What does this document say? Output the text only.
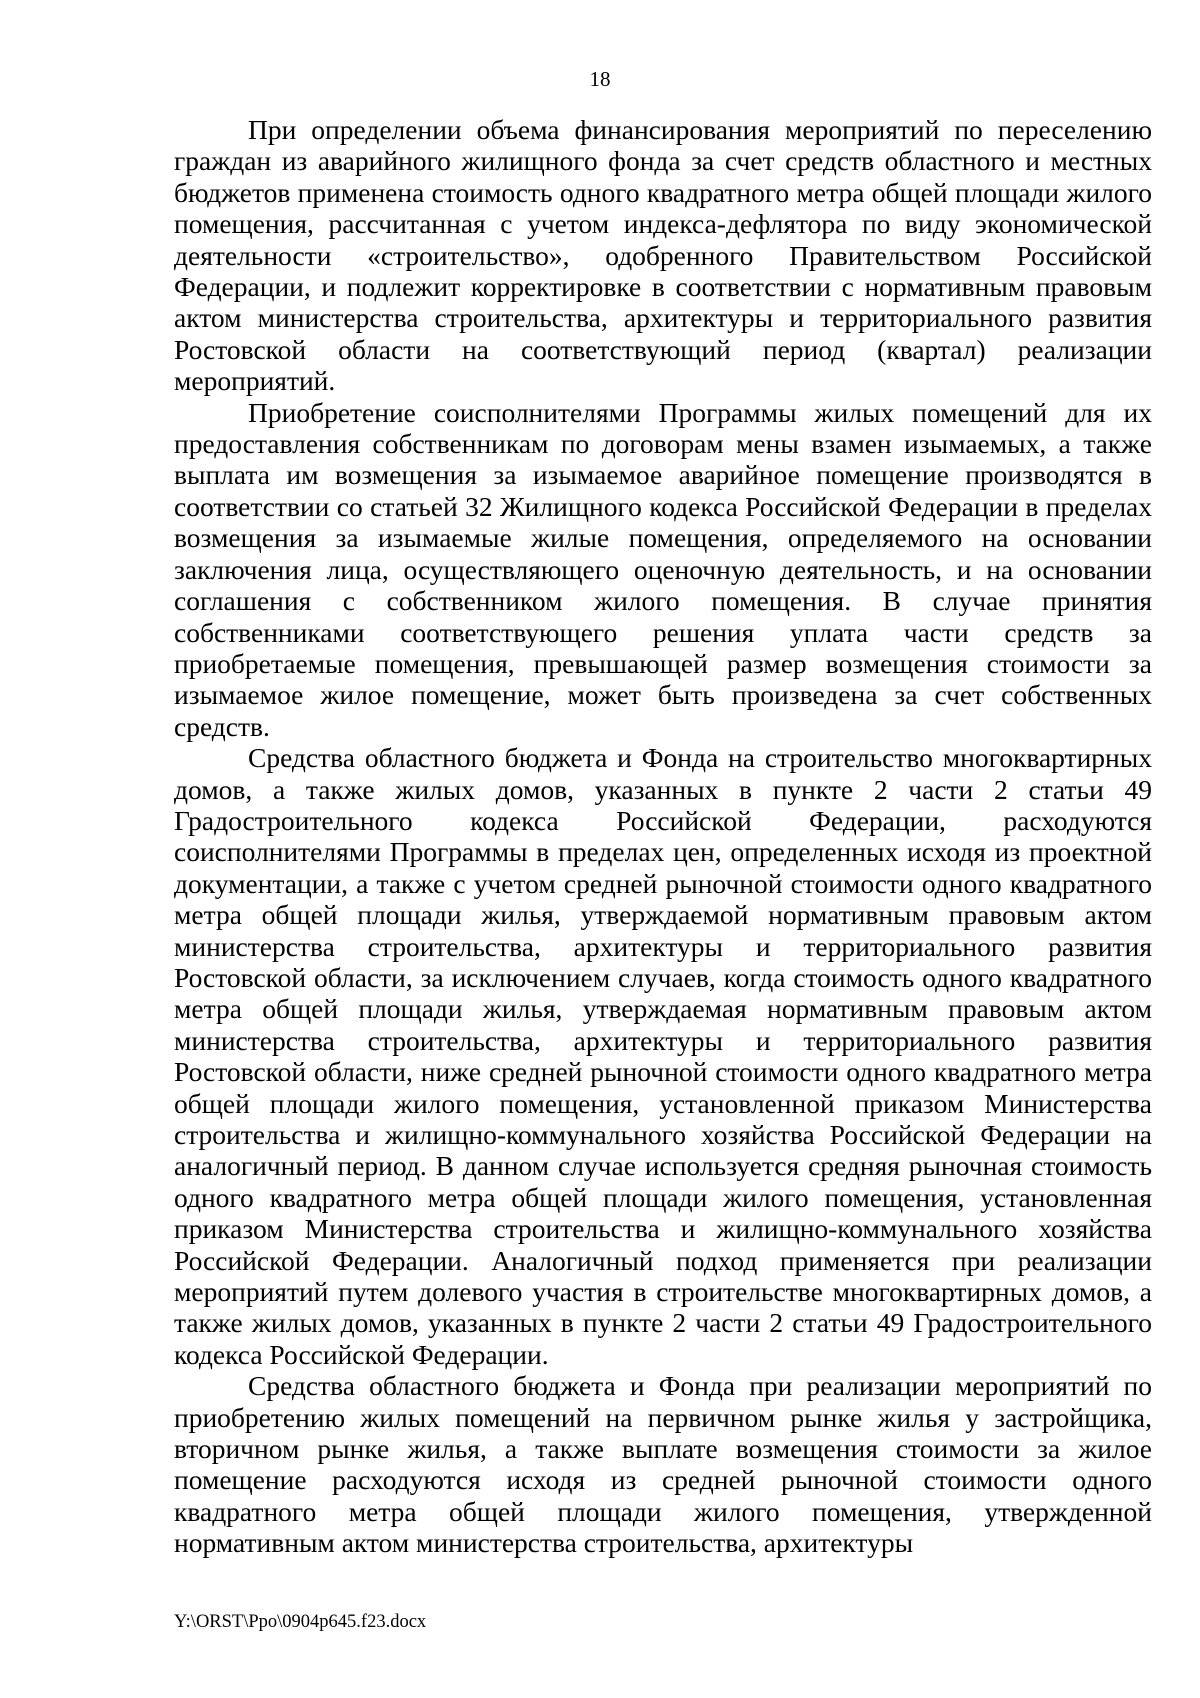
18

При определении объема финансирования мероприятий по переселению граждан из аварийного жилищного фонда за счет средств областного и местных бюджетов применена стоимость одного квадратного метра общей площади жилого помещения, рассчитанная с учетом индекса-дефлятора по виду экономической деятельности «строительство», одобренного Правительством Российской Федерации, и подлежит корректировке в соответствии с нормативным правовым актом министерства строительства, архитектуры и территориального развития Ростовской области на соответствующий период (квартал) реализации мероприятий.

Приобретение соисполнителями Программы жилых помещений для их предоставления собственникам по договорам мены взамен изымаемых, а также выплата им возмещения за изымаемое аварийное помещение производятся в соответствии со статьей 32 Жилищного кодекса Российской Федерации в пределах возмещения за изымаемые жилые помещения, определяемого на основании заключения лица, осуществляющего оценочную деятельность, и на основании соглашения с собственником жилого помещения. В случае принятия собственниками соответствующего решения уплата части средств за приобретаемые помещения, превышающей размер возмещения стоимости за изымаемое жилое помещение, может быть произведена за счет собственных средств.

Средства областного бюджета и Фонда на строительство многоквартирных домов, а также жилых домов, указанных в пункте 2 части 2 статьи 49 Градостроительного кодекса Российской Федерации, расходуются соисполнителями Программы в пределах цен, определенных исходя из проектной документации, а также с учетом средней рыночной стоимости одного квадратного метра общей площади жилья, утверждаемой нормативным правовым актом министерства строительства, архитектуры и территориального развития Ростовской области, за исключением случаев, когда стоимость одного квадратного метра общей площади жилья, утверждаемая нормативным правовым актом министерства строительства, архитектуры и территориального развития Ростовской области, ниже средней рыночной стоимости одного квадратного метра общей площади жилого помещения, установленной приказом Министерства строительства и жилищно-коммунального хозяйства Российской Федерации на аналогичный период. В данном случае используется средняя рыночная стоимость одного квадратного метра общей площади жилого помещения, установленная приказом Министерства строительства и жилищно-коммунального хозяйства Российской Федерации. Аналогичный подход применяется при реализации мероприятий путем долевого участия в строительстве многоквартирных домов, а также жилых домов, указанных в пункте 2 части 2 статьи 49 Градостроительного кодекса Российской Федерации.

Средства областного бюджета и Фонда при реализации мероприятий по приобретению жилых помещений на первичном рынке жилья у застройщика, вторичном рынке жилья, а также выплате возмещения стоимости за жилое помещение расходуются исходя из средней рыночной стоимости одного квадратного метра общей площади жилого помещения, утвержденной нормативным актом министерства строительства, архитектуры

Y:\ORST\Ppo\0904p645.f23.docx
